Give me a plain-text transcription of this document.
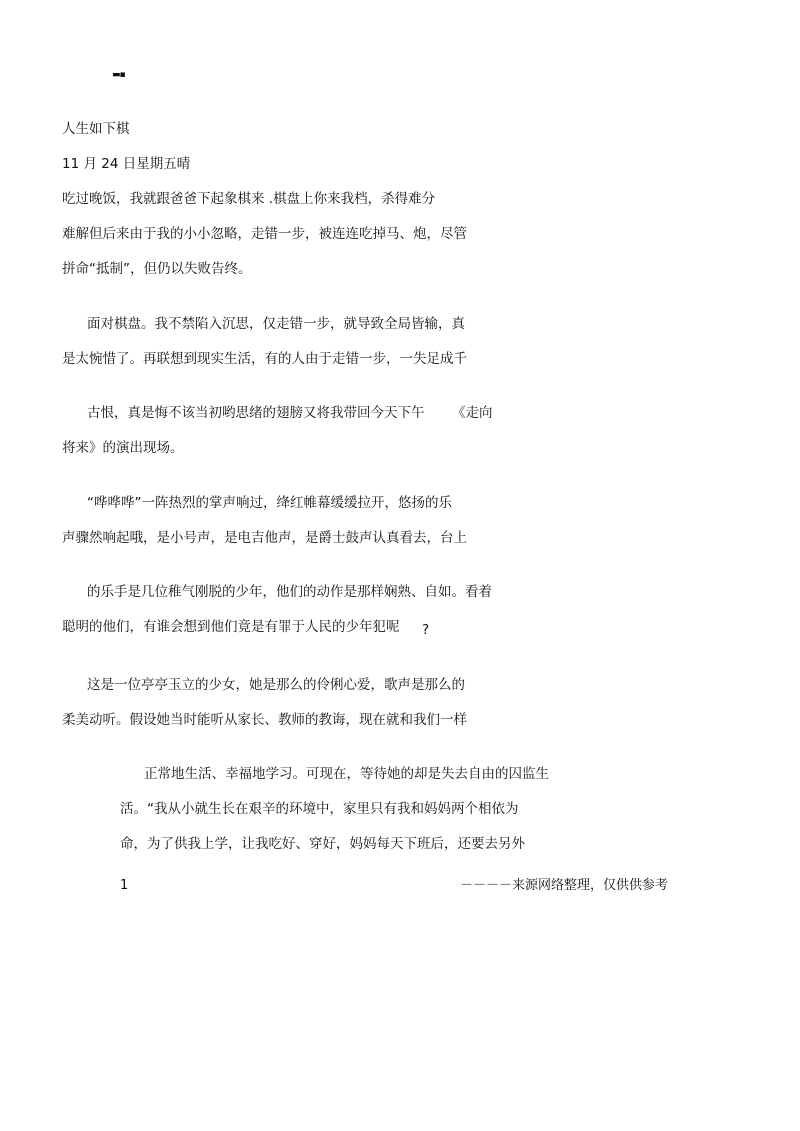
▬▪
人生如下棋
11 月 24 日星期五晴
吃过晚饭，我就跟爸爸下起象棋来 .棋盘上你来我档，杀得难分
难解但后来由于我的小小忽略，走错一步，被连连吃掉马、炮，尽管
拼命“抵制”，但仍以失败告终。
面对棋盘。我不禁陷入沉思，仅走错一步，就导致全局皆输，真
是太惋惜了。再联想到现实生活，有的人由于走错一步，一失足成千
古恨，真是悔不该当初哟思绪的翅膀又将我带回今天下午 《走向
将来》的演出现场。
“哗哗哗”一阵热烈的掌声响过，绛红帷幕缓缓拉开，悠扬的乐
声骤然响起哦，是小号声，是电吉他声，是爵士鼓声认真看去，台上
的乐手是几位稚气刚脱的少年，他们的动作是那样娴熟、自如。看着
聪明的他们，有谁会想到他们竟是有罪于人民的少年犯呢 ?
这是一位亭亭玉立的少女，她是那么的伶俐心爱，歌声是那么的
柔美动听。假设她当时能听从家长、教师的教诲，现在就和我们一样
正常地生活、幸福地学习。可现在，等待她的却是失去自由的囚监生
活。“我从小就生长在艰辛的环境中，家里只有我和妈妈两个相依为
命，为了供我上学，让我吃好、穿好，妈妈每天下班后，还要去另外
1	－－－－来源网络整理，仅供供参考
